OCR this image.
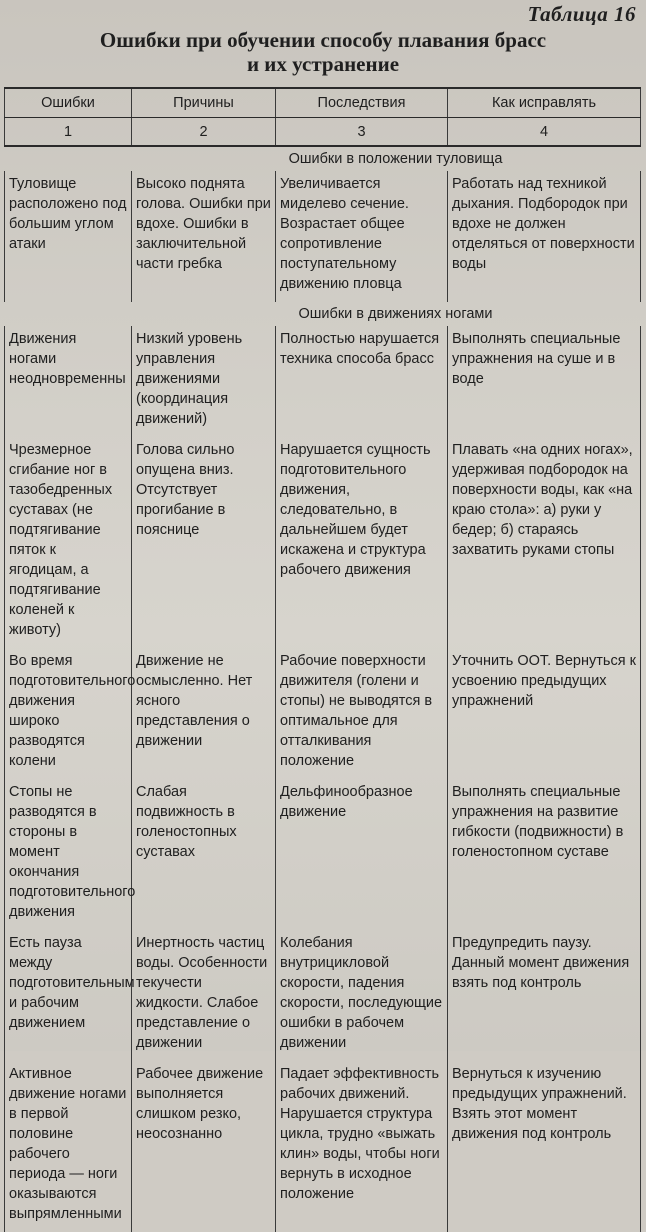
Таблица 16
Ошибки при обучении способу плавания брасс
и их устранение
Ошибки	Причины	Последствия	Как исправлять
1	2	3	4
Ошибки в положении туловища			
Туловище расположено под большим углом атаки	Высоко поднята голова. Ошибки при вдохе. Ошибки в заключительной части гребка	Увеличивается миделево сечение. Возрастает общее сопротивление поступательному движению пловца	Работать над техникой дыхания. Подбородок при вдохе не должен отделяться от поверхности воды
Ошибки в движениях ногами			
Движения ногами неодновременны	Низкий уровень управления движениями (координация движений)	Полностью нарушается техника способа брасс	Выполнять специальные упражнения на суше и в воде
Чрезмерное сгибание ног в тазобедренных суставах (не подтягивание пяток к ягодицам, а подтягивание коленей к животу)	Голова сильно опущена вниз. Отсутствует прогибание в пояснице	Нарушается сущность подготовительного движения, следовательно, в дальнейшем будет искажена и структура рабочего движения	Плавать «на одних ногах», удерживая подбородок на поверхности воды, как «на краю стола»: а) руки у бедер; б) стараясь захватить руками стопы
Во время подготовительного движения широко разводятся колени	Движение не осмысленно. Нет ясного представления о движении	Рабочие поверхности движителя (голени и стопы) не выводятся в оптимальное для отталкивания положение	Уточнить ООТ. Вернуться к усвоению предыдущих упражнений
Стопы не разводятся в стороны в момент окончания подготовительного движения	Слабая подвижность в голеностопных суставах	Дельфинообразное движение	Выполнять специальные упражнения на развитие гибкости (подвижности) в голеностопном суставе
Есть пауза между подготовительным и рабочим движением	Инертность частиц воды. Особенности текучести жидкости. Слабое представление о движении	Колебания внутрицикловой скорости, падения скорости, последующие ошибки в рабочем движении	Предупредить паузу. Данный момент движения взять под контроль
Активное движение ногами в первой половине рабочего периода — ноги оказываются выпрямленными	Рабочее движение выполняется слишком резко, неосознанно	Падает эффективность рабочих движений. Нарушается структура цикла, трудно «выжать клин» воды, чтобы ноги вернуть в исходное положение	Вернуться к изучению предыдущих упражнений. Взять этот момент движения под контроль
